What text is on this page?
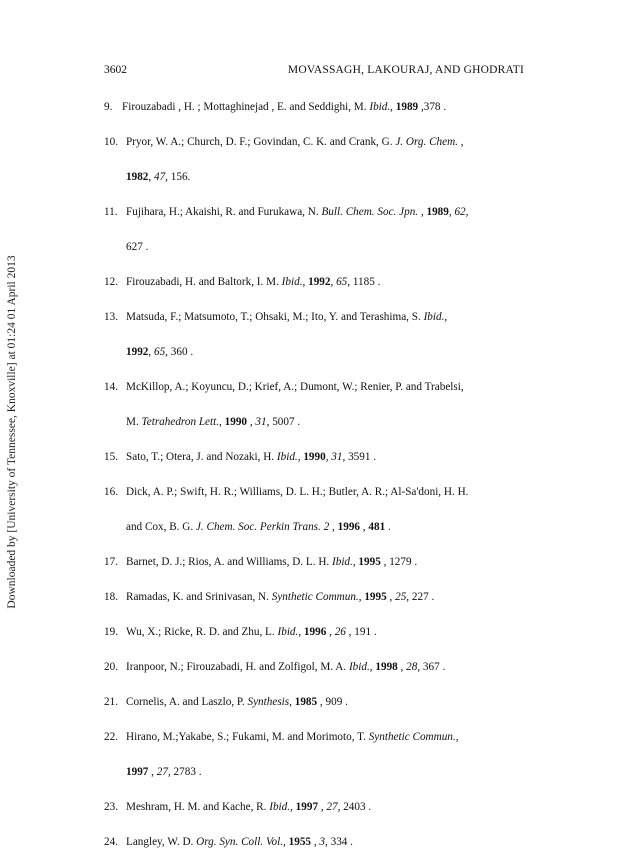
Downloaded by [University of Tennessee, Knoxville] at 01:24 01 April 2013
3602	MOVASSAGH, LAKOURAJ, AND GHODRATI
9. Firouzabadi , H. ; Mottaghinejad , E. and Seddighi, M. Ibid., 1989 ,378 .
10. Pryor, W. A.; Church, D. F.; Govindan, C. K. and Crank, G. J. Org. Chem. ,
1982, 47, 156.
11. Fujihara, H.; Akaishi, R. and Furukawa, N. Bull. Chem. Soc. Jpn. , 1989, 62,
627 .
12. Firouzabadi, H. and Baltork, I. M. Ibid., 1992, 65, 1185 .
13. Matsuda, F.; Matsumoto, T.; Ohsaki, M.; Ito, Y. and Terashima, S. Ibid.,
1992, 65, 360 .
14. McKillop, A.; Koyuncu, D.; Krief, A.; Dumont, W.; Renier, P. and Trabelsi,
M. Tetrahedron Lett., 1990 , 31, 5007 .
15. Sato, T.; Otera, J. and Nozaki, H. Ibid., 1990, 31, 3591 .
16. Dick, A. P.; Swift, H. R.; Williams, D. L. H.; Butler, A. R.; Al-Sa'doni, H. H.
and Cox, B. G. J. Chem. Soc. Perkin Trans. 2 , 1996 , 481 .
17. Barnet, D. J.; Rios, A. and Williams, D. L. H. Ibid., 1995 , 1279 .
18. Ramadas, K. and Srinivasan, N. Synthetic Commun., 1995 , 25, 227 .
19. Wu, X.; Ricke, R. D. and Zhu, L. Ibid., 1996 , 26 , 191 .
20. Iranpoor, N.; Firouzabadi, H. and Zolfigol, M. A. Ibid., 1998 , 28, 367 .
21. Cornelis, A. and Laszlo, P. Synthesis, 1985 , 909 .
22. Hirano, M.;Yakabe, S.; Fukami, M. and Morimoto, T. Synthetic Commun.,
1997 , 27, 2783 .
23. Meshram, H. M. and Kache, R. Ibid., 1997 , 27, 2403 .
24. Langley, W. D. Org. Syn. Coll. Vol., 1955 , 3, 334 .
